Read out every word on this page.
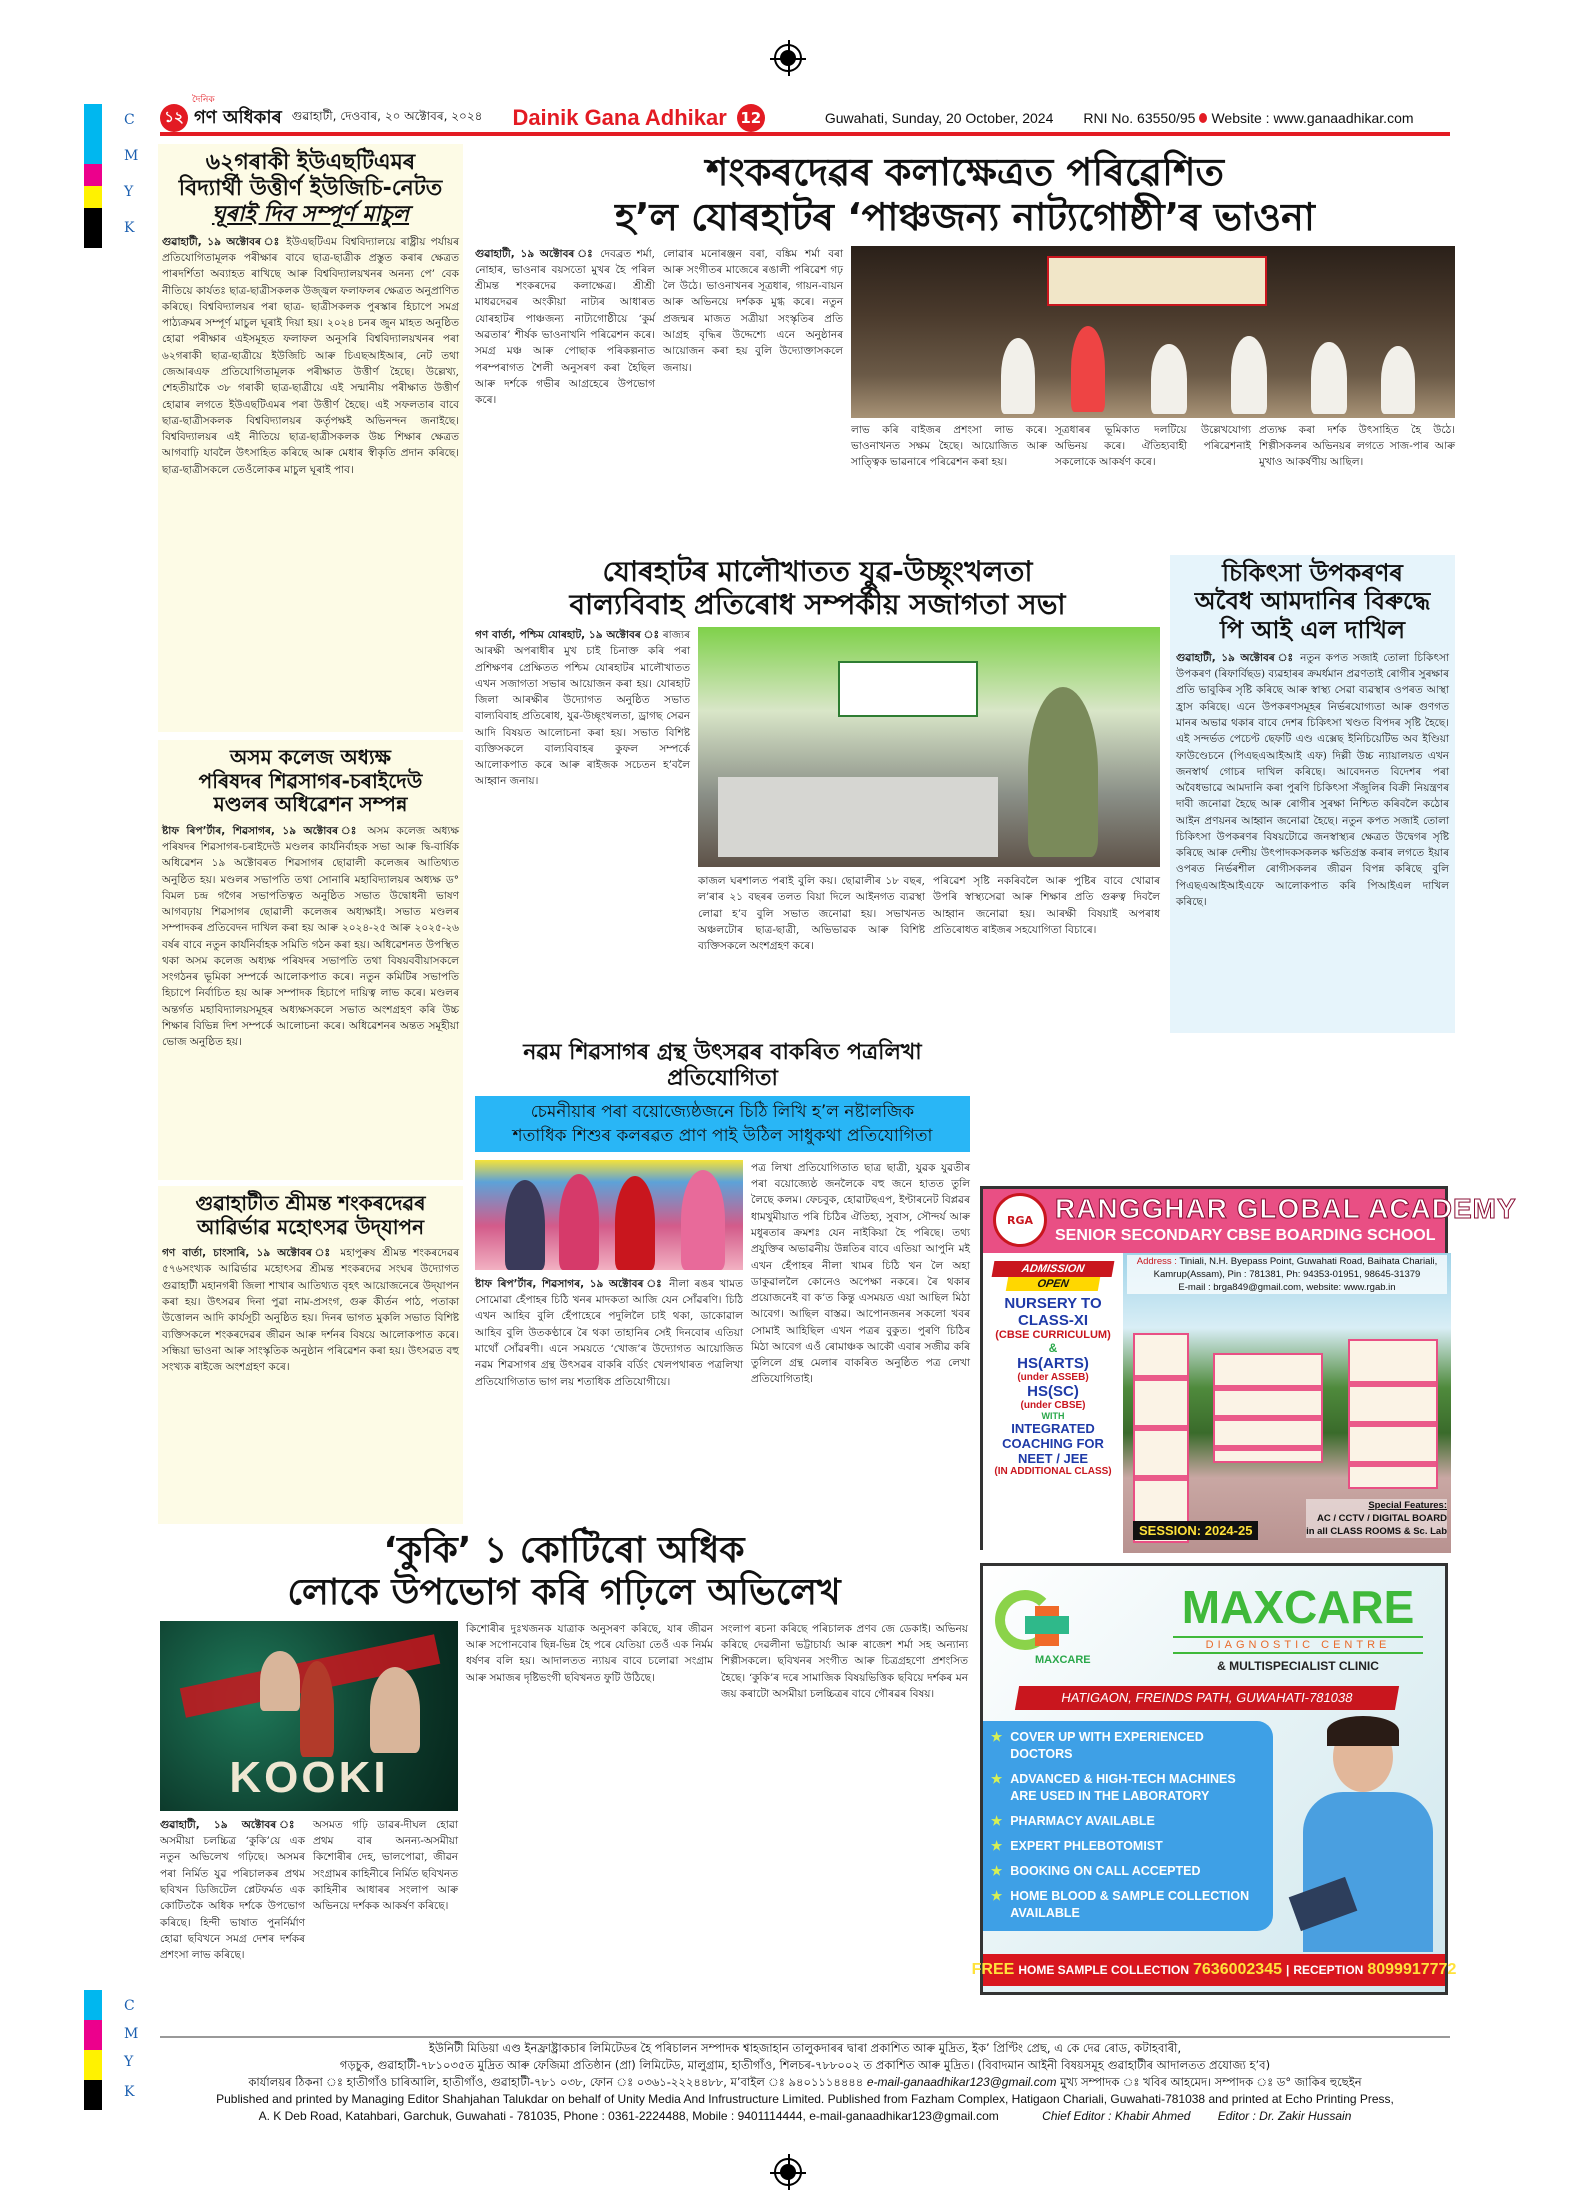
C
M
Y
K
C
M
Y
K
দৈনিক
১২ গণ অধিকাৰ গুৱাহাটী, দেওবাৰ, ২০ অক্টোবৰ, ২০২৪ Dainik Gana Adhikar 12	Guwahati, Sunday, 20 October, 2024 RNI No. 63550/95 Website : www.ganaadhikar.com
৬২গৰাকী ইউএছটিএমৰ
বিদ্যাৰ্থী উত্তীৰ্ণ ইউজিচি-নেটত
ঘূৰাই দিব সম্পূৰ্ণ মাচুল
গুৱাহাটী, ১৯ অক্টোবৰ ঃ ইউএছটিএম বিশ্ববিদ্যালয়ে ৰাষ্ট্ৰীয় পৰ্যায়ৰ প্ৰতিযোগিতামূলক পৰীক্ষাৰ বাবে ছাত্ৰ-ছাত্ৰীক প্ৰস্তুত কৰাৰ ক্ষেত্ৰত পাৰদৰ্শিতা অব্যাহত ৰাখিছে আৰু বিশ্ববিদ্যালয়খনৰ অনন্য পে’ বেক নীতিয়ে কাৰ্যতঃ ছাত্ৰ-ছাত্ৰীসকলক উজ্জ্বল ফলাফলৰ ক্ষেত্ৰত অনুপ্ৰাণিত কৰিছে। বিশ্ববিদ্যালয়ৰ পৰা ছাত্ৰ- ছাত্ৰীসকলক পুৰস্কাৰ হিচাপে সমগ্ৰ পাঠ্যক্ৰমৰ সম্পূৰ্ণ মাচুল ঘূৰাই দিয়া হয়। ২০২৪ চনৰ জুন মাহত অনুষ্ঠিত হোৱা পৰীক্ষাৰ এইসমূহত ফলাফল অনুসৰি বিশ্ববিদ্যালয়খনৰ পৰা ৬২গৰাকী ছাত্ৰ-ছাত্ৰীয়ে ইউজিচি আৰু চিএছআইআৰ, নেট তথা জেআৰএফ প্ৰতিযোগিতামূলক পৰীক্ষাত উত্তীৰ্ণ হৈছে। উল্লেখ্য, শেহতীয়াকৈ ৩৮ গৰাকী ছাত্ৰ-ছাত্ৰীয়ে এই সন্মানীয় পৰীক্ষাত উত্তীৰ্ণ হোৱাৰ লগতে ইউএছটিএমৰ পৰা উত্তীৰ্ণ হৈছে। এই সফলতাৰ বাবে ছাত্ৰ-ছাত্ৰীসকলক বিশ্ববিদ্যালয়ৰ কৰ্তৃপক্ষই অভিনন্দন জনাইছে। বিশ্ববিদ্যালয়ৰ এই নীতিয়ে ছাত্ৰ-ছাত্ৰীসকলক উচ্চ শিক্ষাৰ ক্ষেত্ৰত আগবাঢ়ি যাবলৈ উৎসাহিত কৰিছে আৰু মেধাৰ স্বীকৃতি প্ৰদান কৰিছে। ছাত্ৰ-ছাত্ৰীসকলে তেওঁলোকৰ মাচুল ঘূৰাই পাব।
অসম কলেজ অধ্যক্ষ
পৰিষদৰ শিৱসাগৰ-চৰাইদেউ
মণ্ডলৰ অধিৱেশন সম্পন্ন
ষ্টাফ ৰিপ’ৰ্টাৰ, শিৱসাগৰ, ১৯ অক্টোবৰ ঃ অসম কলেজ অধ্যক্ষ পৰিষদৰ শিৱসাগৰ-চৰাইদেউ মণ্ডলৰ কাৰ্যনিৰ্বাহক সভা আৰু দ্বি-বাৰ্ষিক অধিৱেশন ১৯ অক্টোবৰত শিৱসাগৰ ছোৱালী কলেজৰ আতিথ্যত অনুষ্ঠিত হয়। মণ্ডলৰ সভাপতি তথা সোনাৰি মহাবিদ্যালয়ৰ অধ্যক্ষ ড° বিমল চন্দ্ৰ গগৈৰ সভাপতিত্বত অনুষ্ঠিত সভাত উদ্বোধনী ভাষণ আগবঢ়ায় শিৱসাগৰ ছোৱালী কলেজৰ অধ্যক্ষাই। সভাত মণ্ডলৰ সম্পাদকৰ প্ৰতিবেদন দাখিল কৰা হয় আৰু ২০২৪-২৫ আৰু ২০২৫-২৬ বৰ্ষৰ বাবে নতুন কাৰ্যনিৰ্বাহক সমিতি গঠন কৰা হয়। অধিৱেশনত উপস্থিত থকা অসম কলেজ অধ্যক্ষ পৰিষদৰ সভাপতি তথা বিষয়ববীয়াসকলে সংগঠনৰ ভূমিকা সম্পৰ্কে আলোকপাত কৰে। নতুন কমিটিৰ সভাপতি হিচাপে নিৰ্বাচিত হয় আৰু সম্পাদক হিচাপে দায়িত্ব লাভ কৰে। মণ্ডলৰ অন্তৰ্গত মহাবিদ্যালয়সমূহৰ অধ্যক্ষসকলে সভাত অংশগ্ৰহণ কৰি উচ্চ শিক্ষাৰ বিভিন্ন দিশ সম্পৰ্কে আলোচনা কৰে। অধিৱেশনৰ অন্তত সমূহীয়া ভোজ অনুষ্ঠিত হয়।
গুৱাহাটীত শ্ৰীমন্ত শংকৰদেৱৰ
আৱিৰ্ভাৱ মহোৎসৱ উদ্‌যাপন
গণ বাৰ্তা, চাংসাৰি, ১৯ অক্টোবৰ ঃ মহাপুৰুষ শ্ৰীমন্ত শংকৰদেৱৰ ৫৭৬সংখ্যক আৱিৰ্ভাৱ মহোৎসৱ শ্ৰীমন্ত শংকৰদেৱ সংঘৰ উদ্যোগত গুৱাহাটী মহানগৰী জিলা শাখাৰ আতিথ্যত বৃহৎ আয়োজনেৰে উদ্‌যাপন কৰা হয়। উৎসৱৰ দিনা পুৱা নাম-প্ৰসংগ, গুৰু কীৰ্তন পাঠ, পতাকা উত্তোলন আদি কাৰ্যসূচী অনুষ্ঠিত হয়। দিনৰ ভাগত মুকলি সভাত বিশিষ্ট ব্যক্তিসকলে শংকৰদেৱৰ জীৱন আৰু দৰ্শনৰ বিষয়ে আলোকপাত কৰে। সন্ধিয়া ভাওনা আৰু সাংস্কৃতিক অনুষ্ঠান পৰিৱেশন কৰা হয়। উৎসৱত বহু সংখ্যক ৰাইজে অংশগ্ৰহণ কৰে।
শংকৰদেৱৰ কলাক্ষেত্ৰত পৰিৱেশিত
হ’ল যোৰহাটৰ ‘পাঞ্চজন্য নাট্যগোষ্ঠী’ৰ ভাওনা
গুৱাহাটী, ১৯ অক্টোবৰ ঃ দেবব্ৰত শৰ্মা, নোহাৰ, ভাওনাৰ বয়সতো মুখৰ হৈ পৰিল শ্ৰীমন্ত শংকৰদেৱ কলাক্ষেত্ৰ। শ্ৰীশ্ৰী মাধৱদেৱৰ অংকীয়া নাট্যৰ আধাৰত যোৰহাটৰ পাঞ্চজন্য নাট্যগোষ্ঠীয়ে ‘কুৰ্ম অৱতাৰ’ শীৰ্ষক ভাওনাখনি পৰিৱেশন কৰে। সমগ্ৰ মঞ্চ আৰু পোছাক পৰিকল্পনাত পৰম্পৰাগত শৈলী অনুসৰণ কৰা হৈছিল আৰু দৰ্শকে গভীৰ আগ্ৰহেৰে উপভোগ কৰে।
লোৱাৰ মনোৰঞ্জন বৰা, বঙ্কিম শৰ্মা বৰা আৰু সংগীতৰ মাজেৰে ৰঙালী পৰিৱেশ গঢ় লৈ উঠে। ভাওনাখনৰ সূত্ৰধাৰ, গায়ন-বায়ন আৰু অভিনয়ে দৰ্শকক মুগ্ধ কৰে। নতুন প্ৰজন্মৰ মাজত সত্ৰীয়া সংস্কৃতিৰ প্ৰতি আগ্ৰহ বৃদ্ধিৰ উদ্দেশ্যে এনে অনুষ্ঠানৰ আয়োজন কৰা হয় বুলি উদ্যোক্তাসকলে জনায়।
লাভ কৰি বাইজৰ প্ৰশংসা লাভ কৰে। ভাওনাখনত সক্ষম হৈছে। আয়োজিত আৰু সাত্ত্বিক ভাৱনাৰে পৰিৱেশন কৰা হয়।
সূত্ৰধাৰৰ ভূমিকাত দলটিয়ে উল্লেখযোগ্য অভিনয় কৰে। ঐতিহ্যবাহী পৰিৱেশনাই সকলোকে আকৰ্ষণ কৰে।
প্ৰত্যক্ষ কৰা দৰ্শক উৎসাহিত হৈ উঠে। শিল্পীসকলৰ অভিনয়ৰ লগতে সাজ-পাৰ আৰু মুখাও আকৰ্ষণীয় আছিল।
যোৰহাটৰ মালৌখাতত যুৱ-উচ্ছৃংখলতা
বাল্যবিবাহ প্ৰতিৰোধ সম্পৰ্কীয় সজাগতা সভা
গণ বাৰ্তা, পশ্চিম যোৰহাট, ১৯ অক্টোবৰ ঃ ৰাজ্যৰ আৰক্ষী অপৰাধীৰ মুখ চাই চিনাক্ত কৰি পৰা প্ৰশিক্ষণৰ প্ৰেক্ষিতত পশ্চিম যোৰহাটৰ মালৌখাতত এখন সজাগতা সভাৰ আয়োজন কৰা হয়। যোৰহাট জিলা আৰক্ষীৰ উদ্যোগত অনুষ্ঠিত সভাত বাল্যবিবাহ প্ৰতিৰোধ, যুৱ-উচ্ছৃংখলতা, ড্ৰাগছ সেৱন আদি বিষয়ত আলোচনা কৰা হয়। সভাত বিশিষ্ট ব্যক্তিসকলে বাল্যবিবাহৰ কুফল সম্পৰ্কে আলোকপাত কৰে আৰু ৰাইজক সচেতন হ’বলৈ আহ্বান জনায়।
কাজল ঘৰশালত পৰাই বুলি কয়। ছোৱালীৰ ১৮ বছৰ, ল’ৰাৰ ২১ বছৰৰ তলত বিয়া দিলে আইনগত ব্যৱস্থা লোৱা হ’ব বুলি সভাত জনোৱা হয়। সভাখনত অঞ্চলটোৰ ছাত্ৰ-ছাত্ৰী, অভিভাৱক আৰু বিশিষ্ট ব্যক্তিসকলে অংশগ্ৰহণ কৰে।
পৰিৱেশ সৃষ্টি নকৰিবলৈ আৰু পুষ্টিৰ বাবে খোৱাৰ উপৰি স্বাস্থ্যসেৱা আৰু শিক্ষাৰ প্ৰতি গুৰুত্ব দিবলৈ আহ্বান জনোৱা হয়। আৰক্ষী বিষয়াই অপৰাধ প্ৰতিৰোধত ৰাইজৰ সহযোগিতা বিচাৰে।
চিকিৎসা উপকৰণৰ
অবৈধ আমদানিৰ বিৰুদ্ধে
পি আই এল দাখিল
গুৱাহাটী, ১৯ অক্টোবৰ ঃ নতুন কপত সজাই তোলা চিকিৎসা উপকৰণ (ৰিফাৰ্বিছড) ব্যৱহাৰৰ ক্ৰমৰ্ধমান প্ৰৱণতাই ৰোগীৰ সুৰক্ষাৰ প্ৰতি ভাবুকিৰ সৃষ্টি কৰিছে আৰু স্বাস্থ্য সেৱা ব্যৱস্থাৰ ওপৰত আস্থা হ্ৰাস কৰিছে। এনে উপকৰণসমূহৰ নিৰ্ভৰযোগ্যতা আৰু গুণগত মানৰ অভাৱ থকাৰ বাবে দেশৰ চিকিৎসা খণ্ডত বিপদৰ সৃষ্টি হৈছে। এই সন্দৰ্ভত পেচেণ্ট ছেফটি এণ্ড এক্সেছ ইনিচিয়েটিভ অব ইণ্ডিয়া ফাউণ্ডেচনে (পিএছএআইআই এফ) দিল্লী উচ্চ ন্যায়ালয়ত এখন জনস্বাৰ্থ গোচৰ দাখিল কৰিছে। আবেদনত বিদেশৰ পৰা অবৈধভাৱে আমদানি কৰা পুৰণি চিকিৎসা সঁজুলিৰ বিক্ৰী নিয়ন্ত্ৰণৰ দাবী জনোৱা হৈছে আৰু ৰোগীৰ সুৰক্ষা নিশ্চিত কৰিবলৈ কঠোৰ আইন প্ৰণয়নৰ আহ্বান জনোৱা হৈছে। নতুন কপত সজাই তোলা চিকিৎসা উপকৰণৰ বিষয়টোৱে জনস্বাস্থ্যৰ ক্ষেত্ৰত উদ্বেগৰ সৃষ্টি কৰিছে আৰু দেশীয় উৎপাদকসকলক ক্ষতিগ্ৰস্ত কৰাৰ লগতে ইয়াৰ ওপৰত নিৰ্ভৰশীল ৰোগীসকলৰ জীৱন বিপন্ন কৰিছে বুলি পিএছএআইআইএফে আলোকপাত কৰি পিআইএল দাখিল কৰিছে।
নৱম শিৱসাগৰ গ্ৰন্থ উৎসৱৰ বাকৰিত পত্ৰলিখা প্ৰতিযোগিতা
চেমনীয়াৰ পৰা বয়োজ্যেষ্ঠজনে চিঠি লিখি হ’ল নষ্টালজিক
শতাধিক শিশুৰ কলৰৱত প্ৰাণ পাই উঠিল সাধুকথা প্ৰতিযোগিতা
ষ্টাফ ৰিপ’ৰ্টাৰ, শিৱসাগৰ, ১৯ অক্টোবৰ ঃ নীলা ৰঙৰ খামত সোমোৱা হেঁপাহৰ চিঠি খনৰ মাদকতা আজি যেন সোঁৱৰণি। চিঠি এখন আহিব বুলি হেঁপাহেৰে পদুলিলৈ চাই থকা, ডাকোৱাল আহিব বুলি উতকণ্ঠাৰে ৰৈ থকা তাহানিৰ সেই দিনবোৰ এতিয়া মাথোঁ সোঁৱৰণী। এনে সময়তে ‘খোজ’ৰ উদ্যোগত আয়োজিত নৱম শিৱসাগৰ গ্ৰন্থ উৎসৱৰ বাকৰি বৰ্ডিং খেলপথাৰত পত্ৰলিখা প্ৰতিযোগিতাত ভাগ লয় শতাধিক প্ৰতিযোগীয়ে।
পত্ৰ লিখা প্ৰতিযোগিতাত ছাত্ৰ ছাত্ৰী, যুৱক যুৱতীৰ পৰা বয়োজ্যেষ্ঠ জনলৈকে বহু জনে হাতত তুলি লৈছে কলম। ফেচবুক, হোৱাটছএপ, ইণ্টাৰনেট বিপ্লৱৰ ধামখুমীয়াত পৰি চিঠিৰ ঐতিহ্য, সুবাস, সৌন্দৰ্য আৰু মধুৰতাৰ ক্ৰমশঃ যেন নাইকিয়া হৈ পৰিছে। তথ্য প্ৰযুক্তিৰ অভাৱনীয় উন্নতিৰ বাবে এতিয়া আপুনি মই এখন হেঁপাহৰ নীলা খামৰ চিঠি খন লৈ অহা ডাকুৱাললৈ কোনেও অপেক্ষা নকৰে। ৰৈ থকাৰ প্ৰয়োজনেই বা ক’ত কিন্তু এসময়ত এয়া আছিল মিঠা আবেগ। আছিল বাস্তৱ। আপোনজনৰ সকলো খবৰ সোমাই আহিছিল এখন পত্ৰৰ বুকুত। পুৰণি চিঠিৰ মিঠা আবেগ এওঁ ৰোমাঞ্চক আকৌ এবাৰ সজীৱ কৰি তুলিলে গ্ৰন্থ মেলাৰ বাকৰিত অনুষ্ঠিত পত্ৰ লেখা প্ৰতিযোগিতাই।
‘কুকি’ ১ কোটিৰো অধিক
লোকে উপভোগ কৰি গঢ়িলে অভিলেখ
KOOKI
গুৱাহাটী, ১৯ অক্টোবৰ ঃ অসমীয়া চলচ্চিত্ৰ ‘কুকি’য়ে এক নতুন অভিলেখ গঢ়িছে। অসমৰ পৰা নিৰ্মিত যুৱ পৰিচালকৰ প্ৰথম ছবিখন ডিজিটেল প্লেটফৰ্মত এক কোটিতকৈ অধিক দৰ্শকে উপভোগ কৰিছে। হিন্দী ভাষাত পুনৰ্নিৰ্মাণ হোৱা ছবিখনে সমগ্ৰ দেশৰ দৰ্শকৰ প্ৰশংসা লাভ কৰিছে।
অসমত গঢ়ি ডাৱৰ-দীঘল হোৱা প্ৰথম বাৰ অনন্য-অসমীয়া কিশোৰীৰ দেহ, ভালপোৱা, জীৱন সংগ্ৰামৰ কাহিনীৰে নিৰ্মিত ছবিখনত কাহিনীৰ আধাৰৰ সংলাপ আৰু অভিনয়ে দৰ্শকক আকৰ্ষণ কৰিছে।
কিশোৰীৰ দুঃখজনক যাত্ৰাক অনুসৰণ কৰিছে, যাৰ জীৱন আৰু সপোনবোৰ ছিন্ন-ভিন্ন হৈ পৰে যেতিয়া তেওঁ এক নিৰ্মম ধৰ্ষণৰ বলি হয়। আদালতত ন্যায়ৰ বাবে চলোৱা সংগ্ৰাম আৰু সমাজৰ দৃষ্টিভংগী ছবিখনত ফুটি উঠিছে।
সংলাপ ৰচনা কৰিছে পৰিচালক প্ৰণব জে ডেকাই। অভিনয় কৰিছে দেৱলীনা ভট্টাচাৰ্য্য আৰু ৰাজেশ শৰ্মা সহ অন্যান্য শিল্পীসকলে। ছবিখনৰ সংগীত আৰু চিত্ৰগ্ৰহণো প্ৰশংসিত হৈছে। ‘কুকি’ৰ দৰে সামাজিক বিষয়ভিত্তিক ছবিয়ে দৰ্শকৰ মন জয় কৰাটো অসমীয়া চলচ্চিত্ৰৰ বাবে গৌৰৱৰ বিষয়।
RGA RANGGHAR GLOBAL ACADEMY
SENIOR SECONDARY CBSE BOARDING SCHOOL
Address : Tiniali, N.H. Byepass Point, Guwahati Road, Baihata Chariali,
Kamrup(Assam), Pin : 781381, Ph: 94353-01951, 98645-31379
E-mail : brga849@gmail.com, website: www.rgab.in
SESSION: 2024-25
Special Features:
AC / CCTV / DIGITAL BOARD
in all CLASS ROOMS & Sc. Lab
ADMISSION
OPEN
NURSERY TO
CLASS-XI
(CBSE CURRICULUM)
&
HS(ARTS)
(under ASSEB)
HS(SC)
(under CBSE)
WITH
INTEGRATED
COACHING FOR
NEET / JEE
(IN ADDITIONAL CLASS)
MAXCARE
MAXCARE
DIAGNOSTIC CENTRE
& MULTISPECIALIST CLINIC
HATIGAON, FREINDS PATH, GUWAHATI-781038
★ COVER UP WITH EXPERIENCED DOCTORS
★ ADVANCED & HIGH-TECH MACHINES ARE USED IN THE LABORATORY
★ PHARMACY AVAILABLE
★ EXPERT PHLEBOTOMIST
★ BOOKING ON CALL ACCEPTED
★ HOME BLOOD & SAMPLE COLLECTION AVAILABLE
FREE HOME SAMPLE COLLECTION 7636002345 | RECEPTION 8099917772
ইউনিটী মিডিয়া এণ্ড ইনফ্ৰাষ্ট্ৰাকচাৰ লিমিটেডৰ হৈ পৰিচালন সম্পাদক শ্বাহজাহান তালুকদাৰৰ দ্বাৰা প্ৰকাশিত আৰু মুদ্ৰিত, ইক’ প্ৰিণ্টিং প্ৰেছ, এ কে দেৱ ৰোড, কটাহবাৰী,
গড়চুক, গুৱাহাটী-৭৮১০৩৫ত মুদ্ৰিত আৰু ফেজিমা প্ৰতিষ্ঠান (প্ৰা) লিমিটেড, মালুগ্ৰাম, হাতীগাঁও, শিলচৰ-৭৮৮০০২ ত প্ৰকাশিত আৰু মুদ্ৰিত। (বিবাদমান আইনী বিষয়সমূহ গুৱাহাটীৰ আদালতত প্ৰযোজ্য হ’ব)
কাৰ্যালয়ৰ ঠিকনা ঃ হাতীগাঁও চাৰিআলি, হাতীগাঁও, গুৱাহাটী-৭৮১ ০৩৮, ফোন ঃ ০৩৬১-২২২৪৪৮৮, ম’বাইল ঃ ৯৪০১১১৪৪৪৪ e-mail-ganaadhikar123@gmail.com মুখ্য সম্পাদক ঃ খবিৰ আহমেদ। সম্পাদক ঃ ড° জাকিৰ হুছেইন
Published and printed by Managing Editor Shahjahan Talukdar on behalf of Unity Media And Infrustructure Limited. Published from Fazham Complex, Hatigaon Chariali, Guwahati-781038 and printed at Echo Printing Press,
A. K Deb Road, Katahbari, Garchuk, Guwahati - 781035, Phone : 0361-2224488, Mobile : 9401114444, e-mail-ganaadhikar123@gmail.com	Chief Editor : Khabir Ahmed Editor : Dr. Zakir Hussain
